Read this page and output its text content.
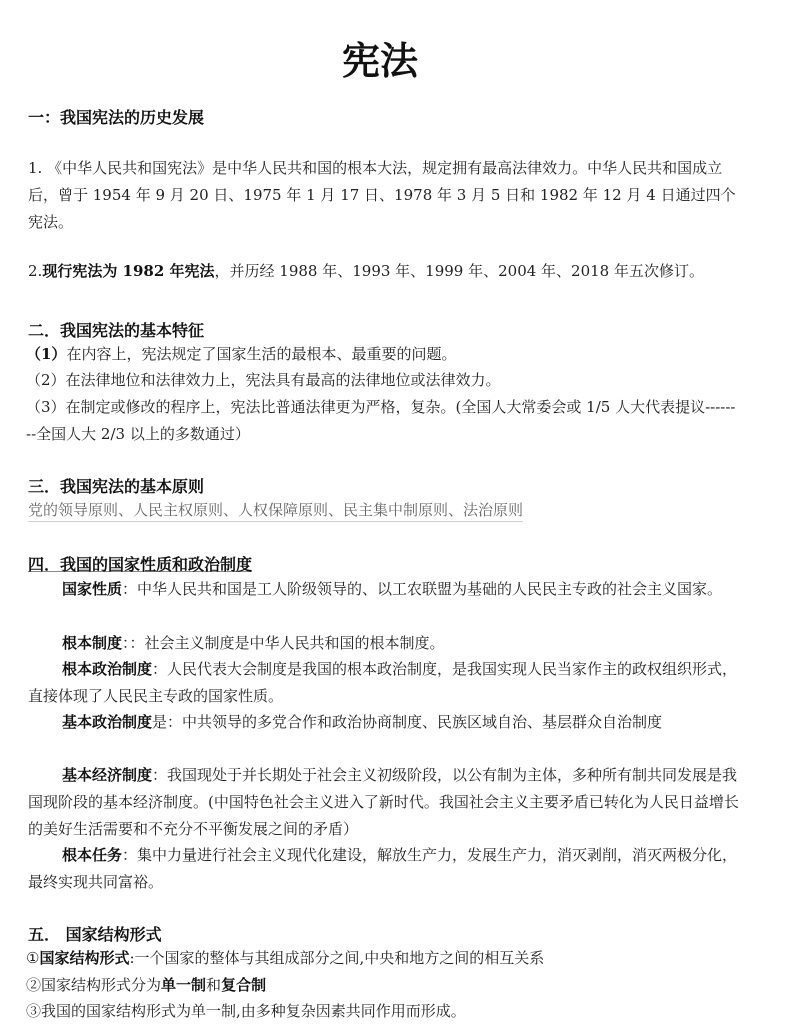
宪法
一：我国宪法的历史发展
1. 《中华人民共和国宪法》是中华人民共和国的根本大法，规定拥有最高法律效力。中华人民共和国成立后，曾于 1954 年 9 月 20 日、1975 年 1 月 17 日、1978 年 3 月 5 日和 1982 年 12 月 4 日通过四个宪法。
2.现行宪法为 1982 年宪法，并历经 1988 年、1993 年、1999 年、2004 年、2018 年五次修订。
二．我国宪法的基本特征
（1）在内容上，宪法规定了国家生活的最根本、最重要的问题。
（2）在法律地位和法律效力上，宪法具有最高的法律地位或法律效力。
（3）在制定或修改的程序上，宪法比普通法律更为严格，复杂。(全国人大常委会或 1/5 人大代表提议--------全国人大 2/3 以上的多数通过）
三．我国宪法的基本原则
党的领导原则、人民主权原则、人权保障原则、民主集中制原则、法治原则
四．我国的国家性质和政治制度
国家性质：中华人民共和国是工人阶级领导的、以工农联盟为基础的人民民主专政的社会主义国家。
根本制度：：社会主义制度是中华人民共和国的根本制度。
根本政治制度：人民代表大会制度是我国的根本政治制度，是我国实现人民当家作主的政权组织形式，直接体现了人民民主专政的国家性质。
基本政治制度是：中共领导的多党合作和政治协商制度、民族区域自治、基层群众自治制度
基本经济制度：我国现处于并长期处于社会主义初级阶段，以公有制为主体，多种所有制共同发展是我国现阶段的基本经济制度。(中国特色社会主义进入了新时代。我国社会主义主要矛盾已转化为人民日益增长的美好生活需要和不充分不平衡发展之间的矛盾）
根本任务：集中力量进行社会主义现代化建设，解放生产力，发展生产力，消灭剥削，消灭两极分化，最终实现共同富裕。
五． 国家结构形式
①国家结构形式:一个国家的整体与其组成部分之间,中央和地方之间的相互关系
②国家结构形式分为单一制和复合制
③我国的国家结构形式为单一制,由多种复杂因素共同作用而形成。
